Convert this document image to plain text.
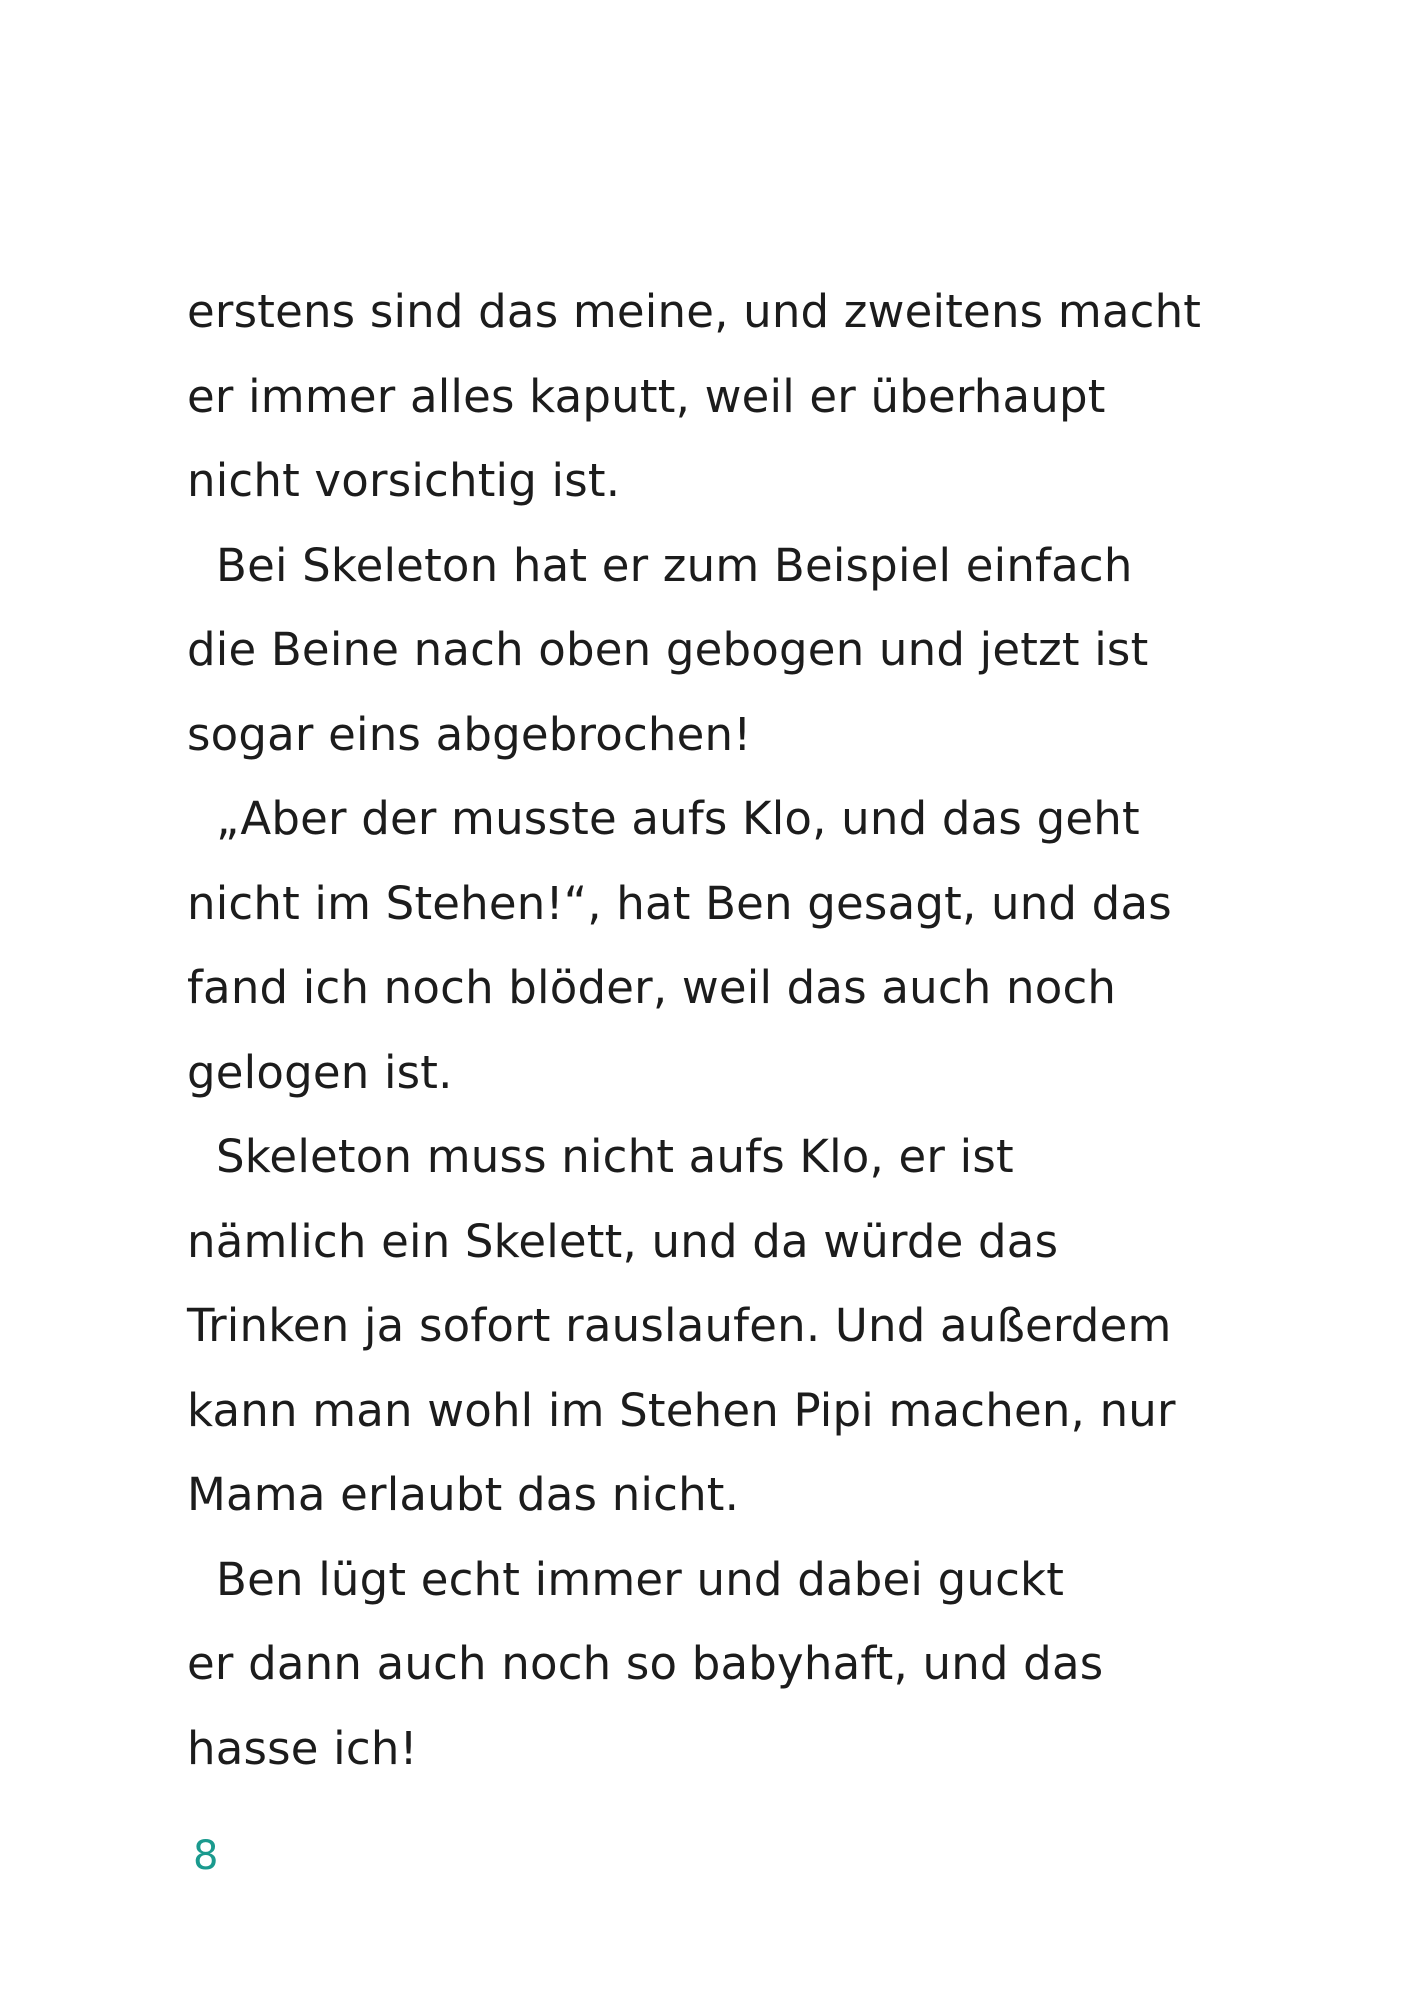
erstens sind das meine, und zweitens macht
er immer alles kaputt, weil er überhaupt
nicht vorsichtig ist.
Bei Skeleton hat er zum Beispiel einfach
die Beine nach oben gebogen und jetzt ist
sogar eins abgebrochen!
„Aber der musste aufs Klo, und das geht
nicht im Stehen!“, hat Ben gesagt, und das
fand ich noch blöder, weil das auch noch
gelogen ist.
Skeleton muss nicht aufs Klo, er ist
nämlich ein Skelett, und da würde das
Trinken ja sofort rauslaufen. Und außerdem
kann man wohl im Stehen Pipi machen, nur
Mama erlaubt das nicht.
Ben lügt echt immer und dabei guckt
er dann auch noch so babyhaft, und das
hasse ich!
8
